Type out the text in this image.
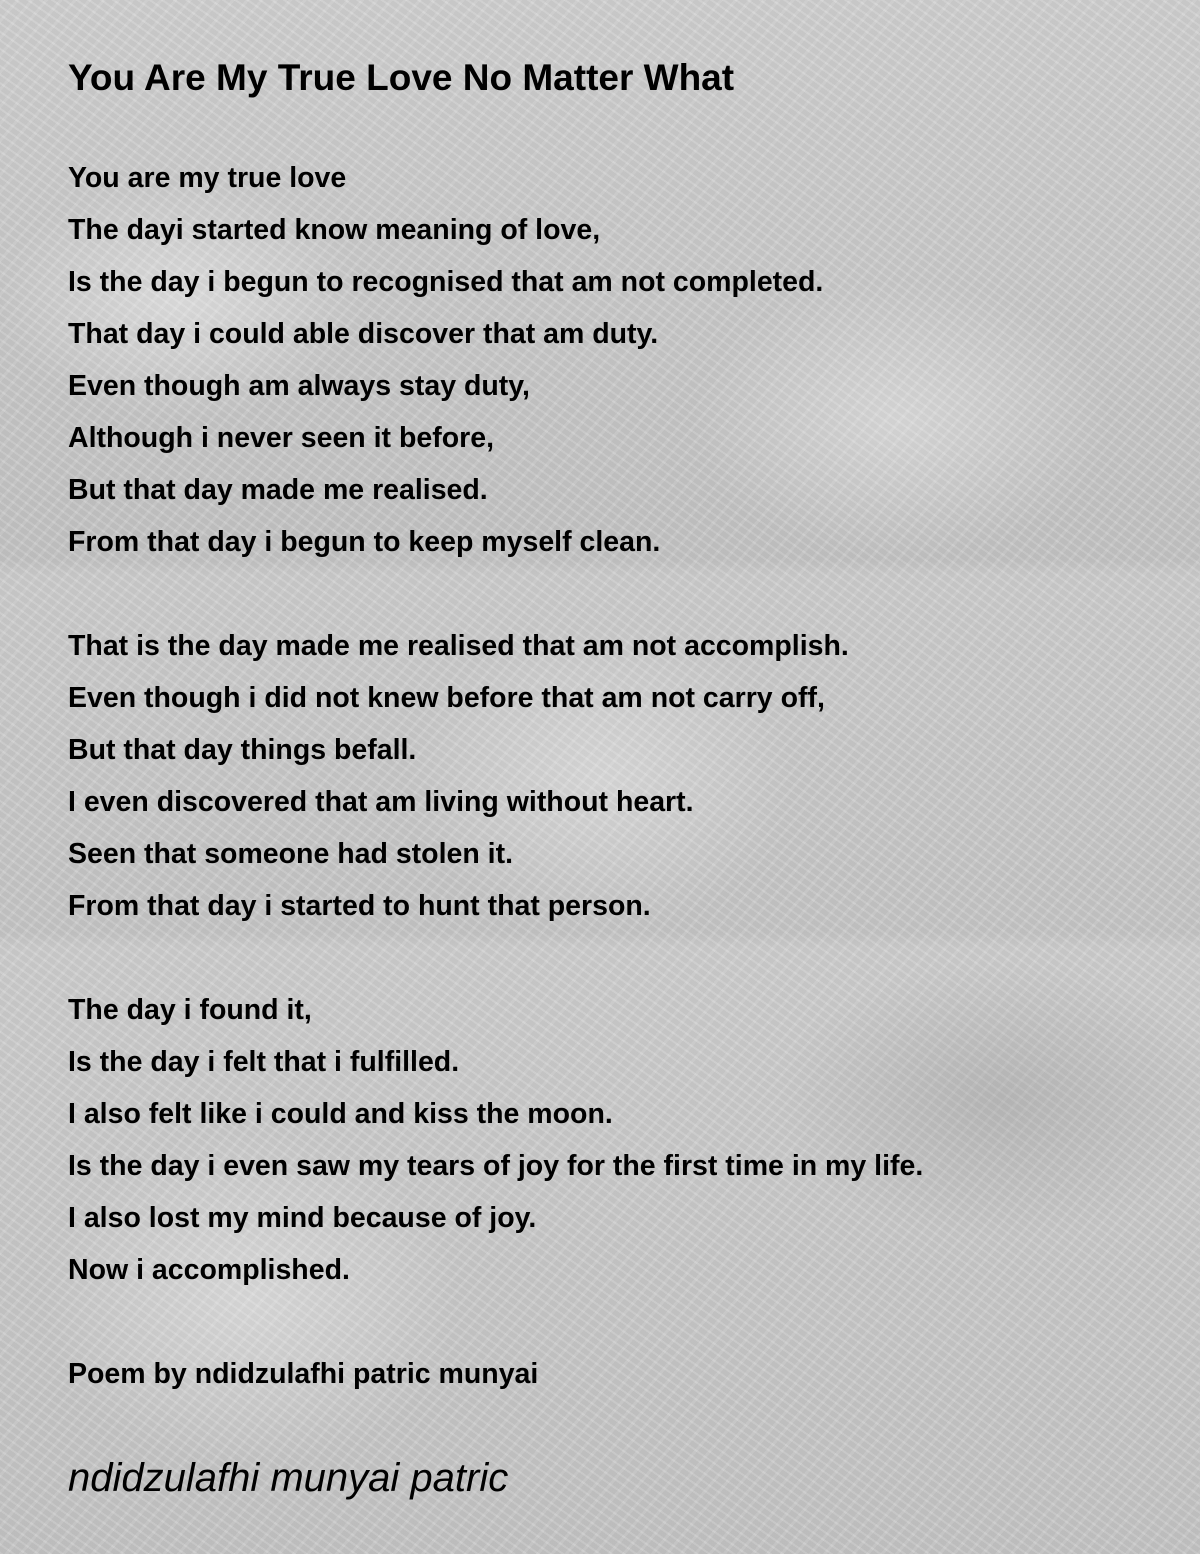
You Are My True Love No Matter What
You are my true love
The dayi started know meaning of love,
Is the day i begun to recognised that am not completed.
That day i could able discover that am duty.
Even though am always stay duty,
Although i never seen it before,
But that day made me realised.
From that day i begun to keep myself clean.
That is the day made me realised that am not accomplish.
Even though i did not knew before that am not carry off,
But that day things befall.
I even discovered that am living without heart.
Seen that someone had stolen it.
From that day i started to hunt that person.
The day i found it,
Is the day i felt that i fulfilled.
I also felt like i could and kiss the moon.
Is the day i even saw my tears of joy for the first time in my life.
I also lost my mind because of joy.
Now i accomplished.
Poem by ndidzulafhi patric munyai
ndidzulafhi munyai patric
